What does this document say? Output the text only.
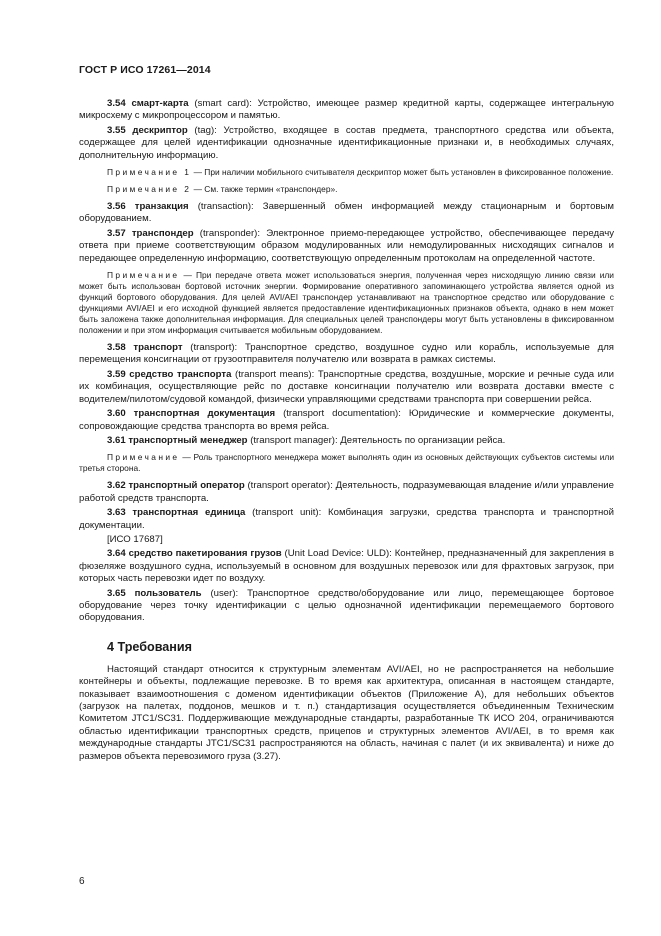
ГОСТ Р ИСО 17261—2014

3.54 смарт-карта (smart card): Устройство, имеющее размер кредитной карты, содержащее интегральную микросхему с микропроцессором и памятью.

3.55 дескриптор (tag): Устройство, входящее в состав предмета, транспортного средства или объекта, содержащее для целей идентификации однозначные идентификационные признаки и, в необходимых случаях, дополнительную информацию.

Примечание 1 — При наличии мобильного считывателя дескриптор может быть установлен в фиксированное положение.

Примечание 2 — См. также термин «транспондер».

3.56 транзакция (transaction): Завершенный обмен информацией между стационарным и бортовым оборудованием.

3.57 транспондер (transponder): Электронное приемо-передающее устройство, обеспечивающее передачу ответа при приеме соответствующим образом модулированных или немодулированных нисходящих сигналов и передающее определенную информацию, соответствующую определенным протоколам на определенной частоте.

Примечание — При передаче ответа может использоваться энергия, полученная через нисходящую линию связи или может быть использован бортовой источник энергии. Формирование оперативного запоминающего устройства является одной из функций бортового оборудования. Для целей AVI/AEI транспондер устанавливают на транспортное средство или оборудование с функциями AVI/AEI и его исходной функцией является предоставление идентификационных признаков объекта, однако в нем может быть заложена также дополнительная информация. Для специальных целей транспондеры могут быть установлены в фиксированном положении и при этом информация считывается мобильным оборудованием.

3.58 транспорт (transport): Транспортное средство, воздушное судно или корабль, используемые для перемещения консигнации от грузоотправителя получателю или возврата в рамках системы.

3.59 средство транспорта (transport means): Транспортные средства, воздушные, морские и речные суда или их комбинация, осуществляющие рейс по доставке консигнации получателю или возврата доставки вместе с водителем/пилотом/судовой командой, физически управляющими средствами транспорта при совершении рейса.

3.60 транспортная документация (transport documentation): Юридические и коммерческие документы, сопровождающие средства транспорта во время рейса.

3.61 транспортный менеджер (transport manager): Деятельность по организации рейса.

Примечание — Роль транспортного менеджера может выполнять один из основных действующих субъектов системы или третья сторона.

3.62 транспортный оператор (transport operator): Деятельность, подразумевающая владение и/или управление работой средств транспорта.

3.63 транспортная единица (transport unit): Комбинация загрузки, средства транспорта и транспортной документации.

[ИСО 17687]

3.64 средство пакетирования грузов (Unit Load Device: ULD): Контейнер, предназначенный для закрепления в фюзеляже воздушного судна, используемый в основном для воздушных перевозок или для фрахтовых загрузок, при которых часть перевозки идет по воздуху.

3.65 пользователь (user): Транспортное средство/оборудование или лицо, перемещающее бортовое оборудование через точку идентификации с целью однозначной идентификации перемещаемого бортового оборудования.

4 Требования

Настоящий стандарт относится к структурным элементам AVI/AEI, но не распространяется на небольшие контейнеры и объекты, подлежащие перевозке. В то время как архитектура, описанная в настоящем стандарте, показывает взаимоотношения с доменом идентификации объектов (Приложение А), для небольших объектов (загрузок на палетах, поддонов, мешков и т. п.) стандартизация осуществляется объединенным Техническим Комитетом JTC1/SC31. Поддерживающие международные стандарты, разработанные ТК ИСО 204, ограничиваются областью идентификации транспортных средств, прицепов и структурных элементов AVI/AEI, в то время как международные стандарты JTC1/SC31 распространяются на область, начиная с палет (и их эквивалента) и ниже до размеров объекта перевозимого груза (3.27).

6
